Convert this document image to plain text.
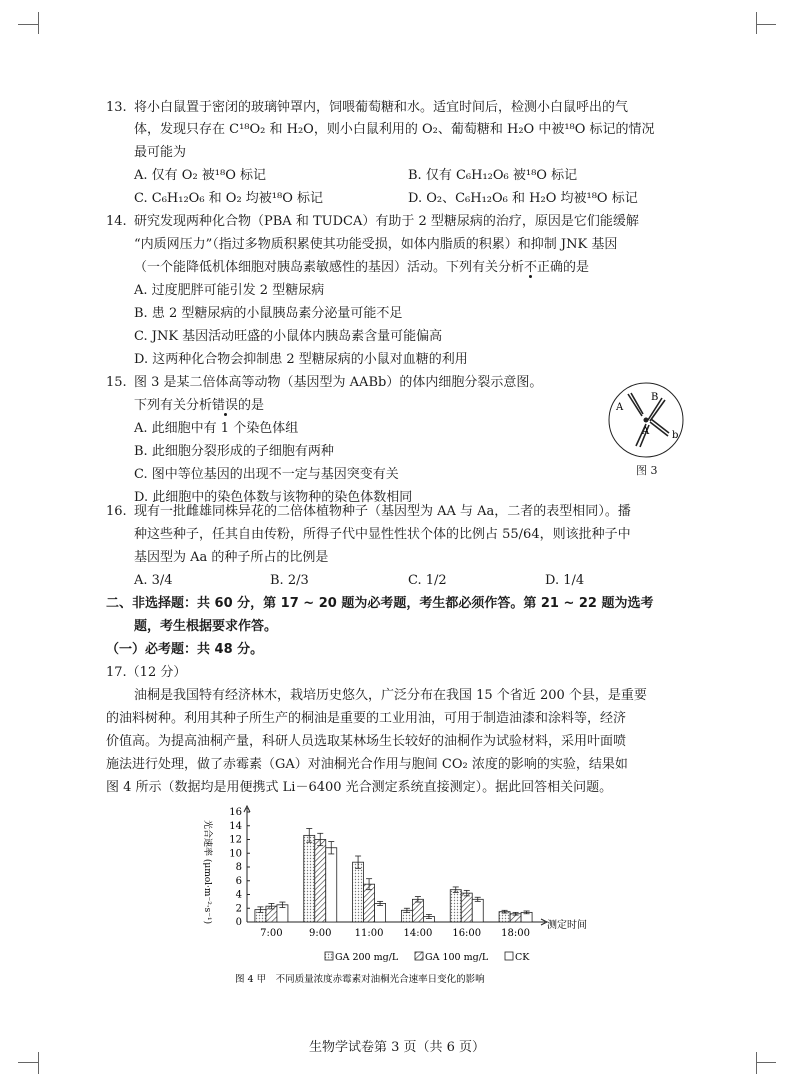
13. 将小白鼠置于密闭的玻璃钟罩内，饲喂葡萄糖和水。适宜时间后，检测小白鼠呼出的气
体，发现只存在 C¹⁸O₂ 和 H₂O，则小白鼠利用的 O₂、葡萄糖和 H₂O 中被¹⁸O 标记的情况
最可能为
A. 仅有 O₂ 被¹⁸O 标记	B. 仅有 C₆H₁₂O₆ 被¹⁸O 标记
C. C₆H₁₂O₆ 和 O₂ 均被¹⁸O 标记	D. O₂、C₆H₁₂O₆ 和 H₂O 均被¹⁸O 标记
14. 研究发现两种化合物（PBA 和 TUDCA）有助于 2 型糖尿病的治疗，原因是它们能缓解
“内质网压力”（指过多物质积累使其功能受损，如体内脂质的积累）和抑制 JNK 基因
（一个能降低机体细胞对胰岛素敏感性的基因）活动。下列有关分析不正确的是
A. 过度肥胖可能引发 2 型糖尿病
B. 患 2 型糖尿病的小鼠胰岛素分泌量可能不足
C. JNK 基因活动旺盛的小鼠体内胰岛素含量可能偏高
D. 这两种化合物会抑制患 2 型糖尿病的小鼠对血糖的利用
15. 图 3 是某二倍体高等动物（基因型为 AABb）的体内细胞分裂示意图。
下列有关分析错误的是
A. 此细胞中有 1 个染色体组
B. 此细胞分裂形成的子细胞有两种
C. 图中等位基因的出现不一定与基因突变有关
D. 此细胞中的染色体数与该物种的染色体数相同
A
B
A b
图 3
16. 现有一批雌雄同株异花的二倍体植物种子（基因型为 AA 与 Aa，二者的表型相同）。播
种这些种子，任其自由传粉，所得子代中显性性状个体的比例占 55/64，则该批种子中
基因型为 Aa 的种子所占的比例是
A. 3/4	B. 2/3	C. 1/2	D. 1/4
二、非选择题：共 60 分，第 17 ~ 20 题为必考题，考生都必须作答。第 21 ~ 22 题为选考
题，考生根据要求作答。
（一）必考题：共 48 分。
17.（12 分）
油桐是我国特有经济林木，栽培历史悠久，广泛分布在我国 15 个省近 200 个县，是重要
的油料树种。利用其种子所生产的桐油是重要的工业用油，可用于制造油漆和涂料等，经济
价值高。为提高油桐产量，科研人员选取某林场生长较好的油桐作为试验材料，采用叶面喷
施法进行处理，做了赤霉素（GA）对油桐光合作用与胞间 CO₂ 浓度的影响的实验，结果如
图 4 所示（数据均是用便携式 Li－6400 光合测定系统直接测定）。据此回答相关问题。
0
2
4
6
8
10
12
14
16
7:00	9:00 11:00 14:00 16:00 18:00
GA 200 mg/L	GA 100 mg/L	CK
光合速率 (μmol·m⁻²·s⁻¹)
测定时间
图 4 甲　不同质量浓度赤霉素对油桐光合速率日变化的影响
生物学试卷第 3 页（共 6 页）
